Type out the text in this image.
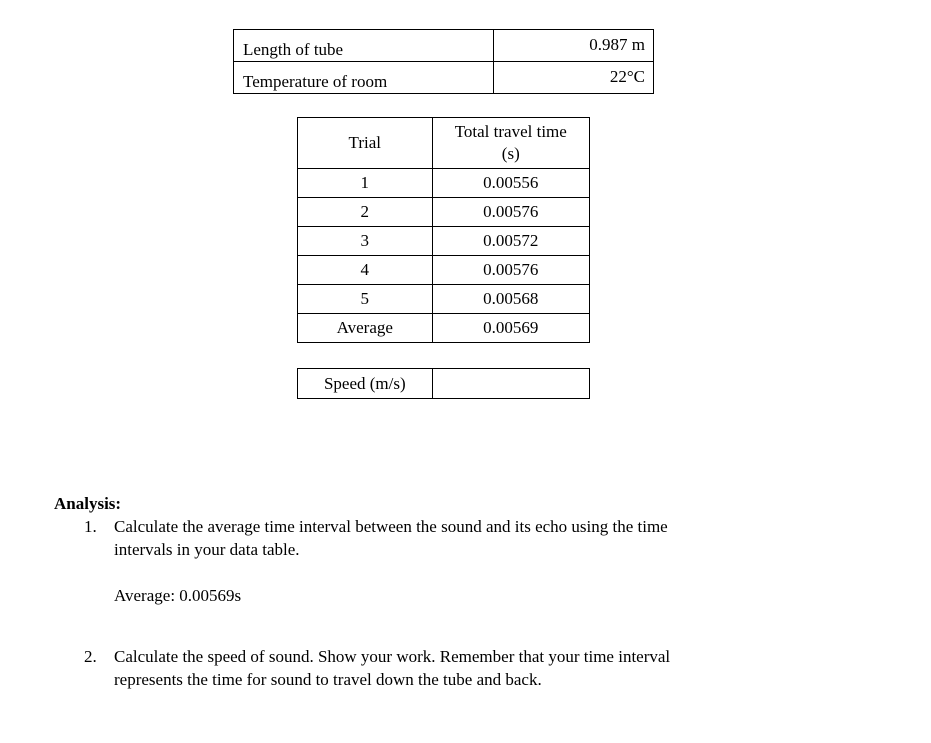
Length of tube	0.987 m
Temperature of room	22°C
Trial	Total travel time
(s)
1	0.00556
2	0.00576
3	0.00572
4	0.00576
5	0.00568
Average	0.00569
Speed (m/s)	

Analysis:

1. Calculate the average time interval between the sound and its echo using the time
intervals in your data table.
Average: 0.00569s
2. Calculate the speed of sound. Show your work. Remember that your time interval
represents the time for sound to travel down the tube and back.
